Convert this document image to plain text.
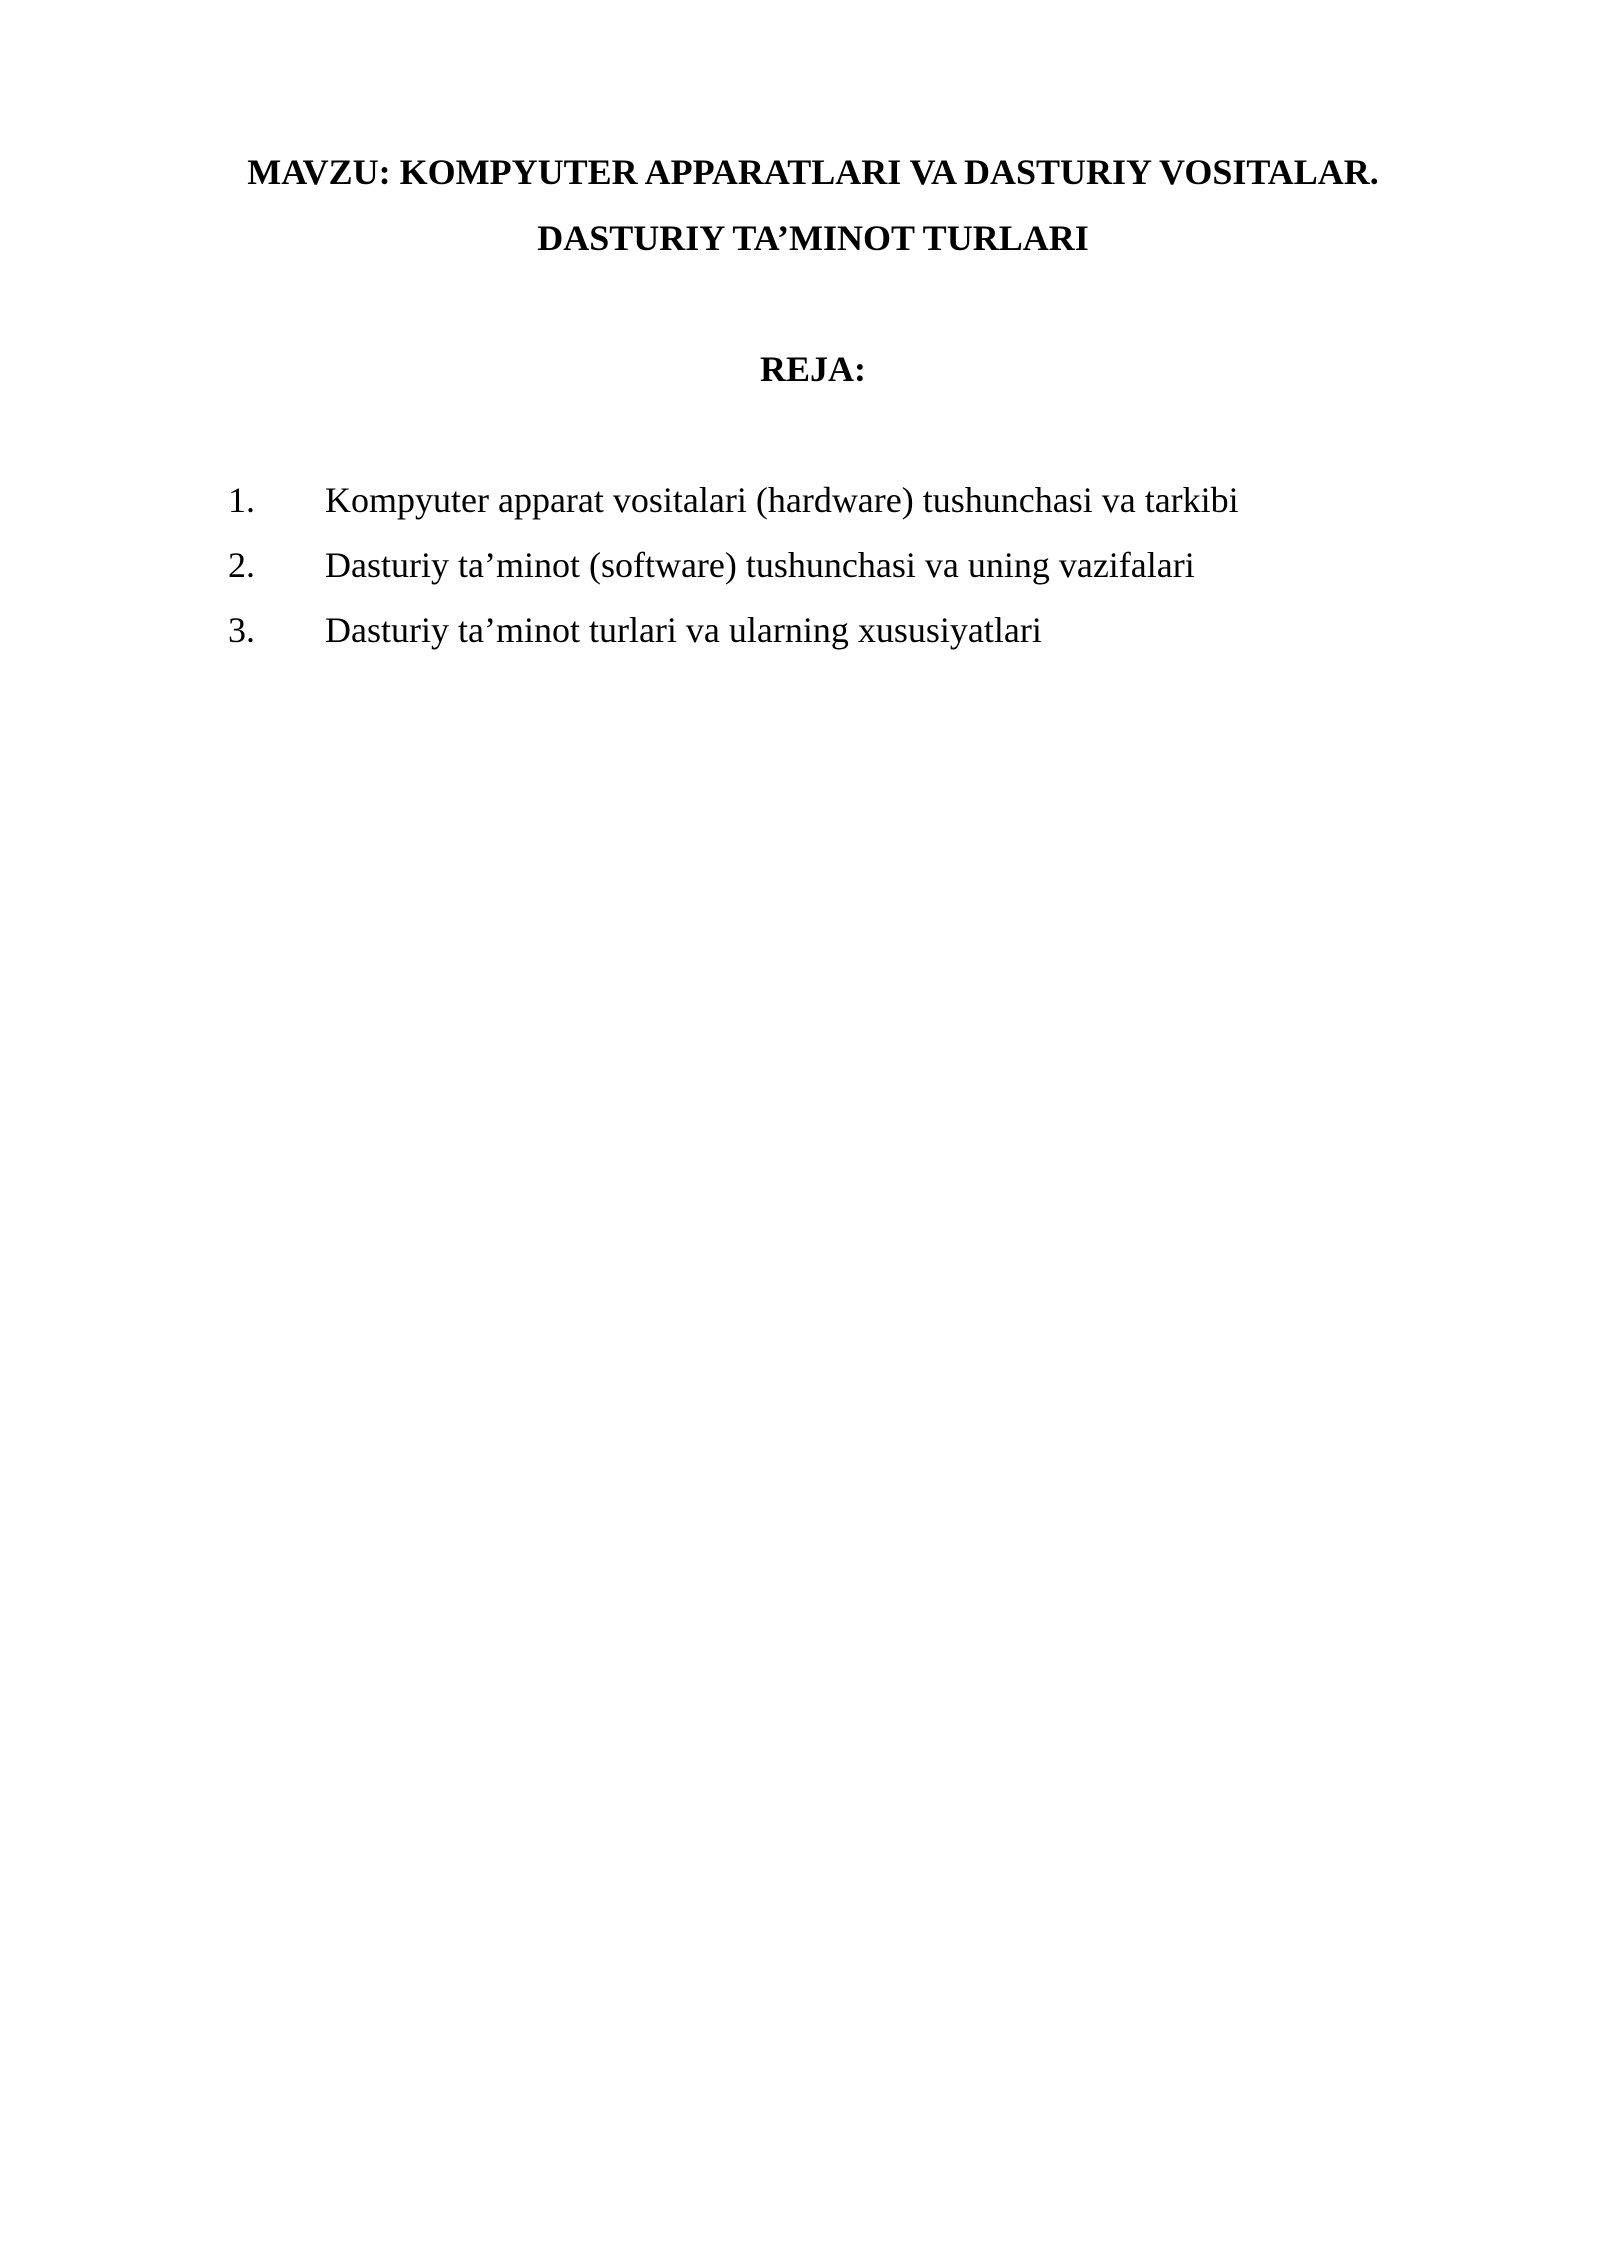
MAVZU: KOMPYUTER APPARATLARI VA DASTURIY VOSITALAR.
DASTURIY TA’MINOT TURLARI
REJA:
1. Kompyuter apparat vositalari (hardware) tushunchasi va tarkibi
2. Dasturiy ta’minot (software) tushunchasi va uning vazifalari
3. Dasturiy ta’minot turlari va ularning xususiyatlari
